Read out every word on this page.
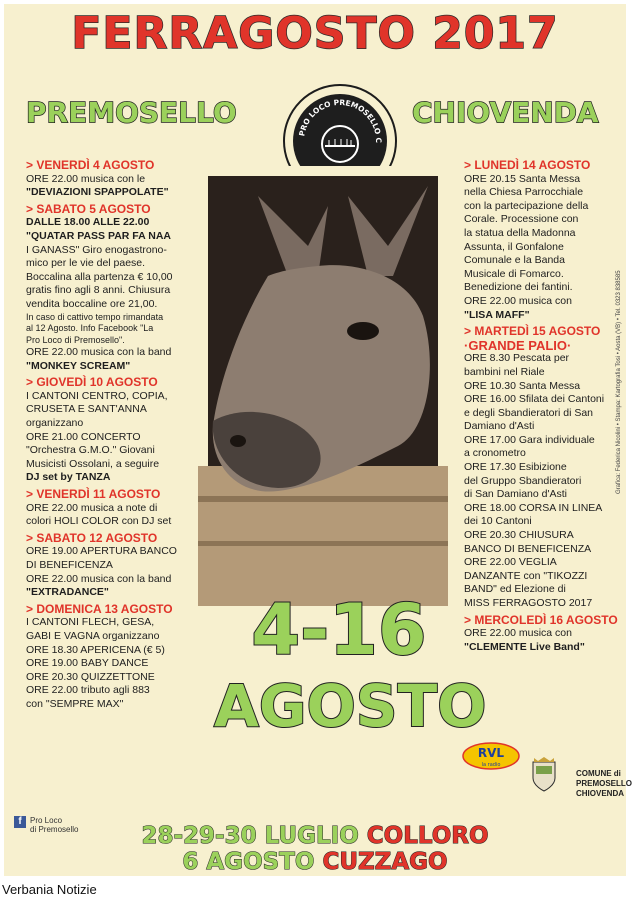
FERRAGOSTO 2017
PREMOSELLO	CHIOVENDA
PRO LOCO PREMOSELLO C
> VENERDÌ 4 AGOSTO
ORE 22.00 musica con le
"DEVIAZIONI SPAPPOLATE"
> SABATO 5 AGOSTO
DALLE 18.00 ALLE 22.00
"QUATAR PASS PAR FA NAA
I GANASS" Giro enogastrono-
mico per le vie del paese.
Boccalina alla partenza € 10,00
gratis fino agli 8 anni. Chiusura
vendita boccaline ore 21,00.
In caso di cattivo tempo rimandata
al 12 Agosto. Info Facebook "La
Pro Loco di Premosello".
ORE 22.00 musica con la band
"MONKEY SCREAM"
> GIOVEDÌ 10 AGOSTO
I CANTONI CENTRO, COPIA,
CRUSETA E SANT'ANNA
organizzano
ORE 21.00 CONCERTO
"Orchestra G.M.O." Giovani
Musicisti Ossolani, a seguire
DJ set by TANZA
> VENERDÌ 11 AGOSTO
ORE 22.00 musica a note di
colori HOLI COLOR con DJ set
> SABATO 12 AGOSTO
ORE 19.00 APERTURA BANCO
DI BENEFICENZA
ORE 22.00 musica con la band
"EXTRADANCE"
> DOMENICA 13 AGOSTO
I CANTONI FLECH, GESA,
GABI E VAGNA organizzano
ORE 18.30 APERICENA (€ 5)
ORE 19.00 BABY DANCE
ORE 20.30 QUIZZETTONE
ORE 22.00 tributo agli 883
con "SEMPRE MAX"
> LUNEDÌ 14 AGOSTO
ORE 20.15 Santa Messa
nella Chiesa Parrocchiale
con la partecipazione della
Corale. Processione con
la statua della Madonna
Assunta, il Gonfalone
Comunale e la Banda
Musicale di Fomarco.
Benedizione dei fantini.
ORE 22.00 musica con
"LISA MAFF"
> MARTEDÌ 15 AGOSTO
·GRANDE PALIO·
ORE 8.30 Pescata per
bambini nel Riale
ORE 10.30 Santa Messa
ORE 16.00 Sfilata dei Cantoni
e degli Sbandieratori di San
Damiano d'Asti
ORE 17.00 Gara individuale
a cronometro
ORE 17.30 Esibizione
del Gruppo Sbandieratori
di San Damiano d'Asti
ORE 18.00 CORSA IN LINEA
dei 10 Cantoni
ORE 20.30 CHIUSURA
BANCO DI BENEFICENZA
ORE 22.00 VEGLIA
DANZANTE con "TIKOZZI
BAND" ed Elezione di
MISS FERRAGOSTO 2017
> MERCOLEDÌ 16 AGOSTO
ORE 22.00 musica con
"CLEMENTE Live Band"
4-16
AGOSTO
f	Pro Loco
di Premosello
RVL
la radio
COMUNE di
PREMOSELLO
CHIOVENDA
Grafica: Federica Nicolini • Stampa: Kartografia Tosi • Aosta (VB) • Tel. 0323 838585
28-29-30 LUGLIO COLLORO
6 AGOSTO CUZZAGO
Verbania Notizie
